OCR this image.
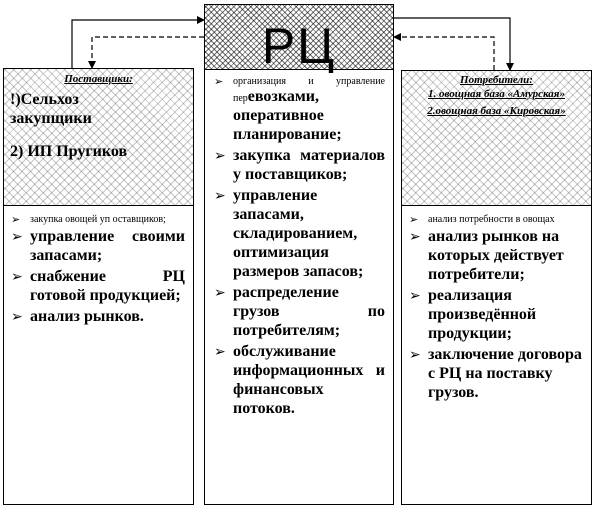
РЦ
➢ организация и управление перевозками, оперативное планирование;
➢ закупка материалов у поставщиков;
➢ управление запасами, складированием, оптимизация размеров запасов;
➢ распределение грузов по потребителям;
➢ обслуживание информационных и финансовых потоков.
Поставщики:
!)Сельхоз закупщики
2) ИП Пругиков
➢ закупка овощей уп оставщиков;
➢ управление своими запасами;
➢ снабжение РЦ готовой продукцией;
➢ анализ рынков.
Потребители:
1. овощная база «Амурская»
2.овощная база «Кировская»
➢ анализ потребности в овощах
➢ анализ рынков на которых действует потребители;
➢ реализация произведённой продукции;
➢ заключение договора с РЦ на поставку грузов.
